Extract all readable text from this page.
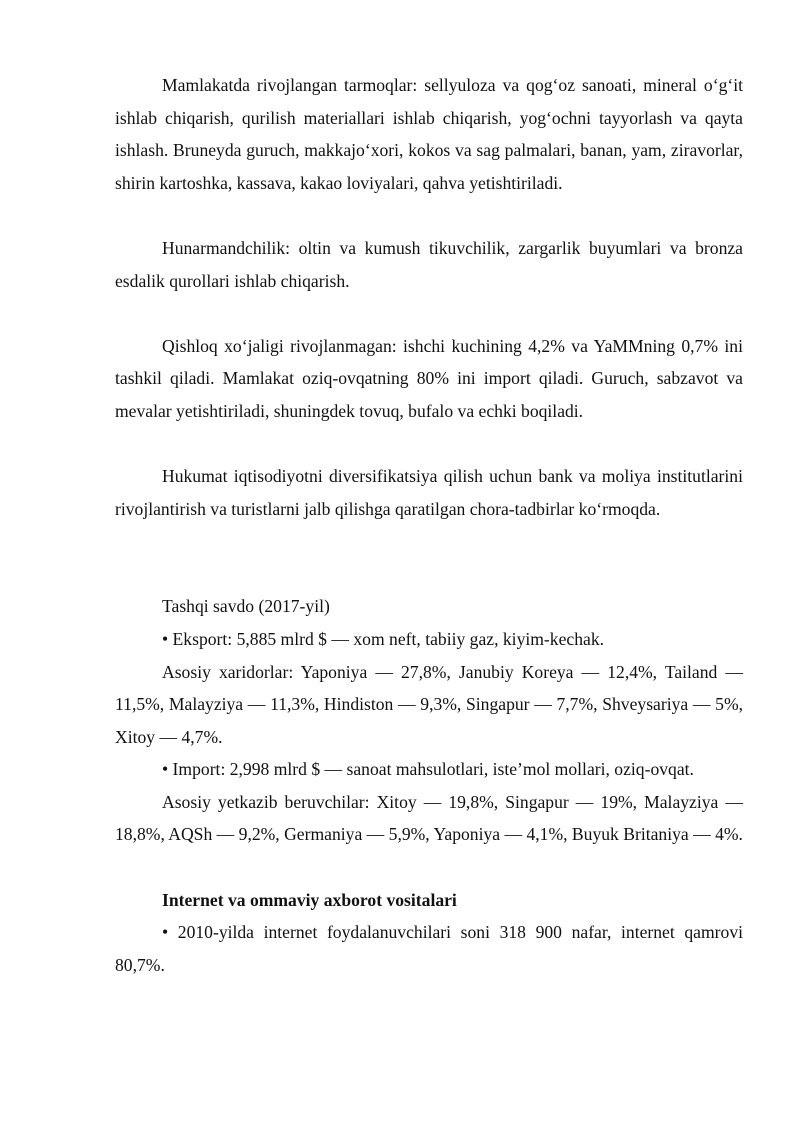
Mamlakatda rivojlangan tarmoqlar: sellyuloza va qog‘oz sanoati, mineral o‘g‘it ishlab chiqarish, qurilish materiallari ishlab chiqarish, yog‘ochni tayyorlash va qayta ishlash. Bruneyda guruch, makkajo‘xori, kokos va sag palmalari, banan, yam, ziravorlar, shirin kartoshka, kassava, kakao loviyalari, qahva yetishtiriladi.

Hunarmandchilik: oltin va kumush tikuvchilik, zargarlik buyumlari va bronza esdalik qurollari ishlab chiqarish.

Qishloq xo‘jaligi rivojlanmagan: ishchi kuchining 4,2% va YaMMning 0,7% ini tashkil qiladi. Mamlakat oziq-ovqatning 80% ini import qiladi. Guruch, sabzavot va mevalar yetishtiriladi, shuningdek tovuq, bufalo va echki boqiladi.

Hukumat iqtisodiyotni diversifikatsiya qilish uchun bank va moliya institutlarini rivojlantirish va turistlarni jalb qilishga qaratilgan chora-tadbirlar ko‘rmoqda.

Tashqi savdo (2017-yil)

• Eksport: 5,885 mlrd $ — xom neft, tabiiy gaz, kiyim-kechak.

Asosiy xaridorlar: Yaponiya — 27,8%, Janubiy Koreya — 12,4%, Tailand — 11,5%, Malayziya — 11,3%, Hindiston — 9,3%, Singapur — 7,7%, Shveysariya — 5%, Xitoy — 4,7%.

• Import: 2,998 mlrd $ — sanoat mahsulotlari, iste’mol mollari, oziq-ovqat.

Asosiy yetkazib beruvchilar: Xitoy — 19,8%, Singapur — 19%, Malayziya — 18,8%, AQSh — 9,2%, Germaniya — 5,9%, Yaponiya — 4,1%, Buyuk Britaniya — 4%.

Internet va ommaviy axborot vositalari

• 2010-yilda internet foydalanuvchilari soni 318 900 nafar, internet qamrovi 80,7%.
